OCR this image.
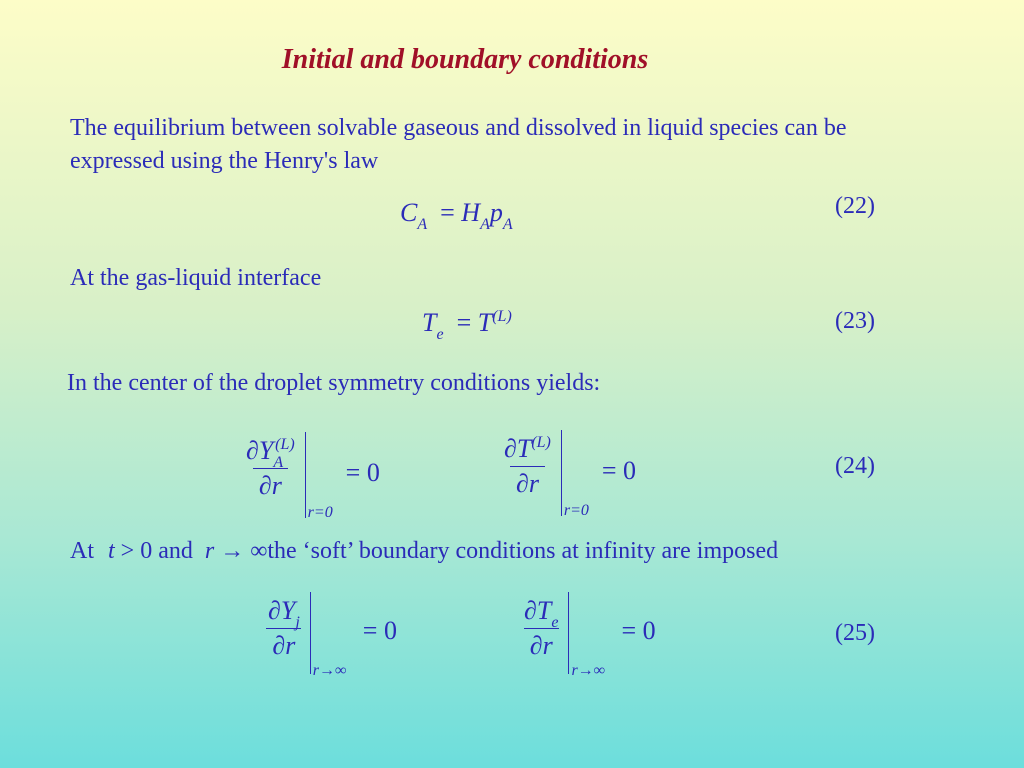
Initial and boundary conditions
The equilibrium between solvable gaseous and dissolved in liquid species can be expressed using the Henry's law
$C_A = H_Ap_A$
(22)
At the gas-liquid interface
$T_e = T^{(L)}$	(23)
In the center of the droplet symmetry conditions yields:
$\frac{\partial Y_A^{(L)}}{\partial r} = 0$
r=0	$\frac{\partial T^{(L)}}{\partial r} = 0$
r=0
(24)
At t > 0 and r → ∞the ‘soft’ boundary conditions at infinity are imposed
$\frac{\partial Y_j}{\partial r} = 0$
r→∞	$\frac{\partial T_e}{\partial r} = 0$
r→∞
(25)
